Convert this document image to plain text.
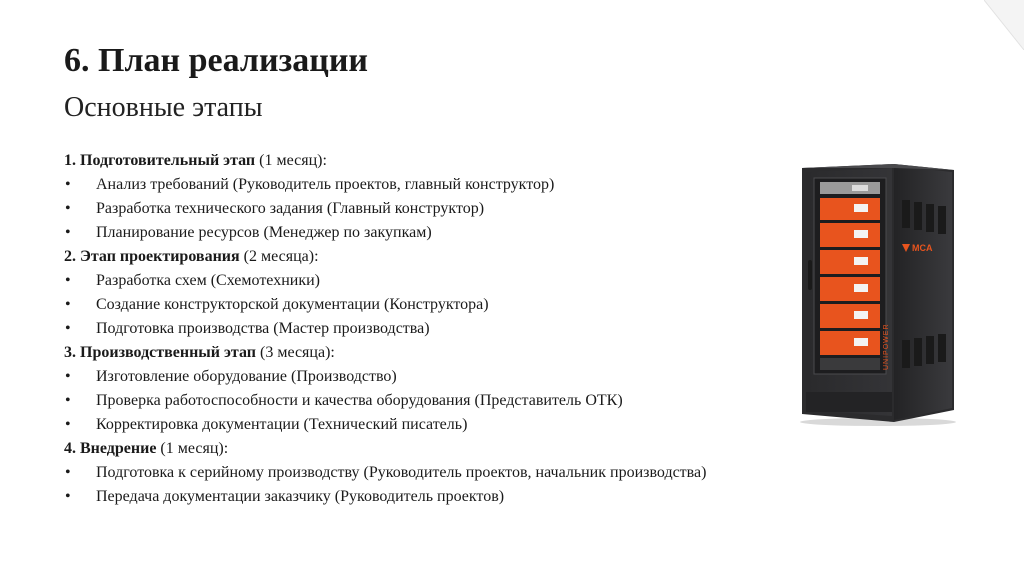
6. План реализации
Основные этапы
1. Подготовительный этап (1 месяц):
• Анализ требований (Руководитель проектов, главный конструктор)
• Разработка технического задания (Главный конструктор)
• Планирование ресурсов (Менеджер по закупкам)
2. Этап проектирования (2 месяца):
• Разработка схем (Схемотехники)
• Создание конструкторской документации (Конструктора)
• Подготовка производства (Мастер производства)
3. Производственный этап (3 месяца):
• Изготовление оборудование (Производство)
• Проверка работоспособности и качества оборудования (Представитель ОТК)
• Корректировка документации (Технический писатель)
4. Внедрение (1 месяц):
• Подготовка к серийному производству (Руководитель проектов, начальник производства)
• Передача документации заказчику (Руководитель проектов)
MCA
UNIPOWER
